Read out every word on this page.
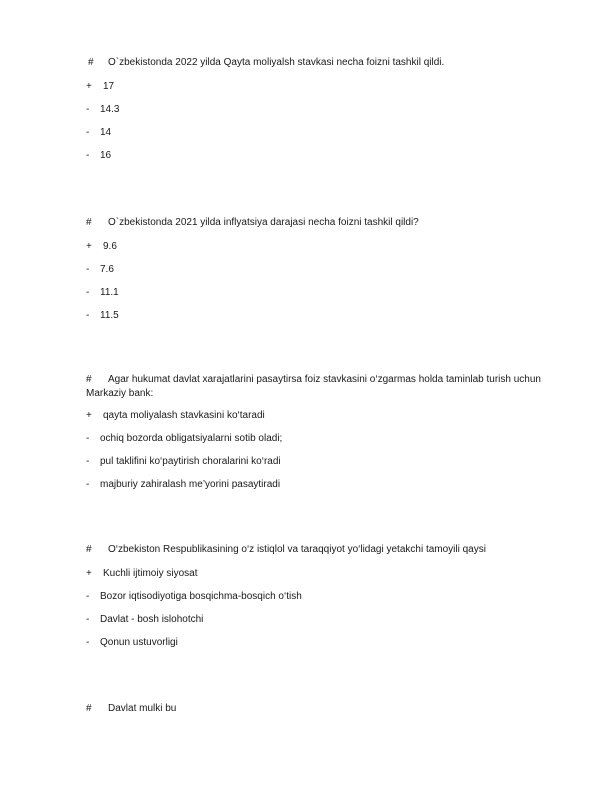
#	O`zbekistonda 2022 yilda Qayta moliyalsh stavkasi necha foizni tashkil qildi.
+	17
-	14.3
-	14
-	16
#	O`zbekistonda 2021 yilda inflyatsiya darajasi necha foizni tashkil qildi?
+	9.6
-	7.6
-	11.1
-	11.5
#	Agar hukumat davlat xarajatlarini pasaytirsa foiz stavkasini o‘zgarmas holda taminlab turish uchun
Markaziy bank:
+	qayta moliyalash stavkasini ko‘taradi
-	ochiq bozorda obligatsiyalarni sotib oladi;
-	pul taklifini ko‘paytirish choralarini ko‘radi
-	majburiy zahiralash me’yorini pasaytiradi
#	O‘zbekiston Respublikasining o‘z istiqlol va taraqqiyot yo‘lidagi yetakchi tamoyili qaysi
+	Kuchli ijtimoiy siyosat
-	Bozor iqtisodiyotiga bosqichma-bosqich o‘tish
-	Davlat - bosh islohotchi
-	Qonun ustuvorligi
#	Davlat mulki bu
